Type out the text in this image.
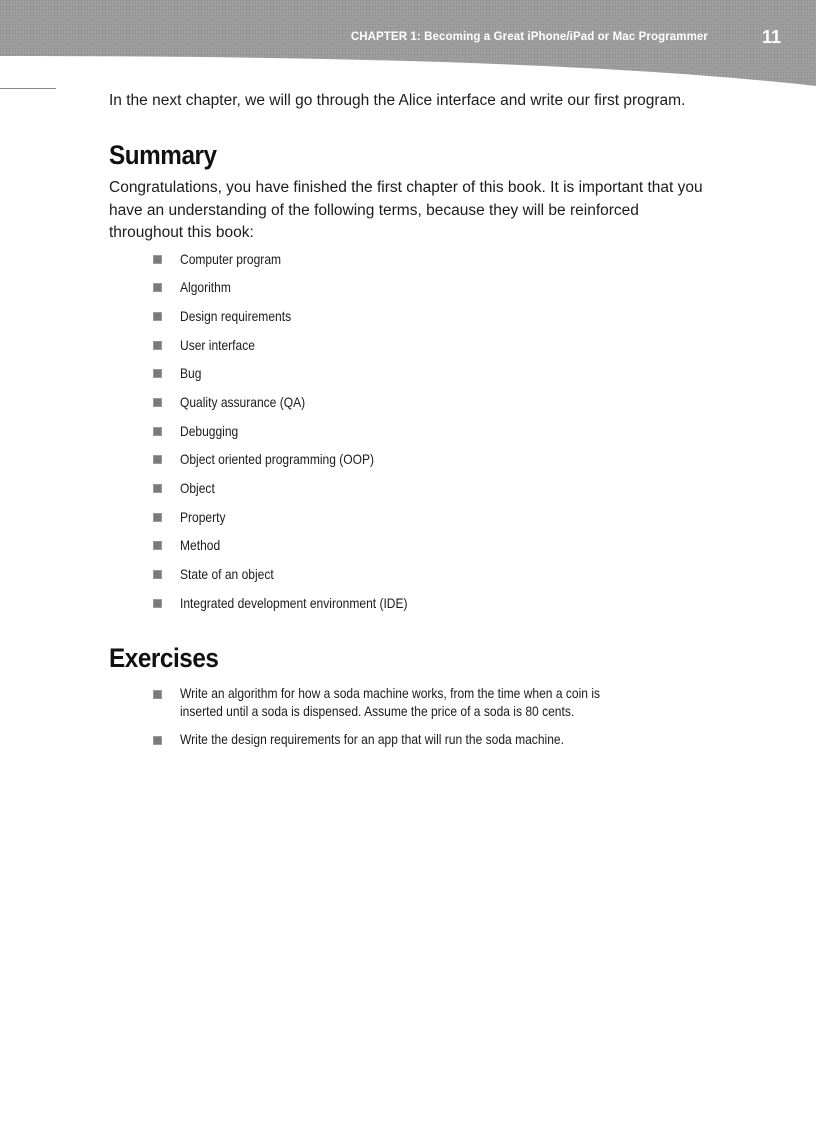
CHAPTER 1: Becoming a Great iPhone/iPad or Mac Programmer	11

In the next chapter, we will go through the Alice interface and write our first program.

Summary

Congratulations, you have finished the first chapter of this book. It is important that you
have an understanding of the following terms, because they will be reinforced
throughout this book:

Computer program
Algorithm
Design requirements
User interface
Bug
Quality assurance (QA)
Debugging
Object oriented programming (OOP)
Object
Property
Method
State of an object
Integrated development environment (IDE)
Exercises
Write an algorithm for how a soda machine works, from the time when a coin is
inserted until a soda is dispensed. Assume the price of a soda is 80 cents.
Write the design requirements for an app that will run the soda machine.
